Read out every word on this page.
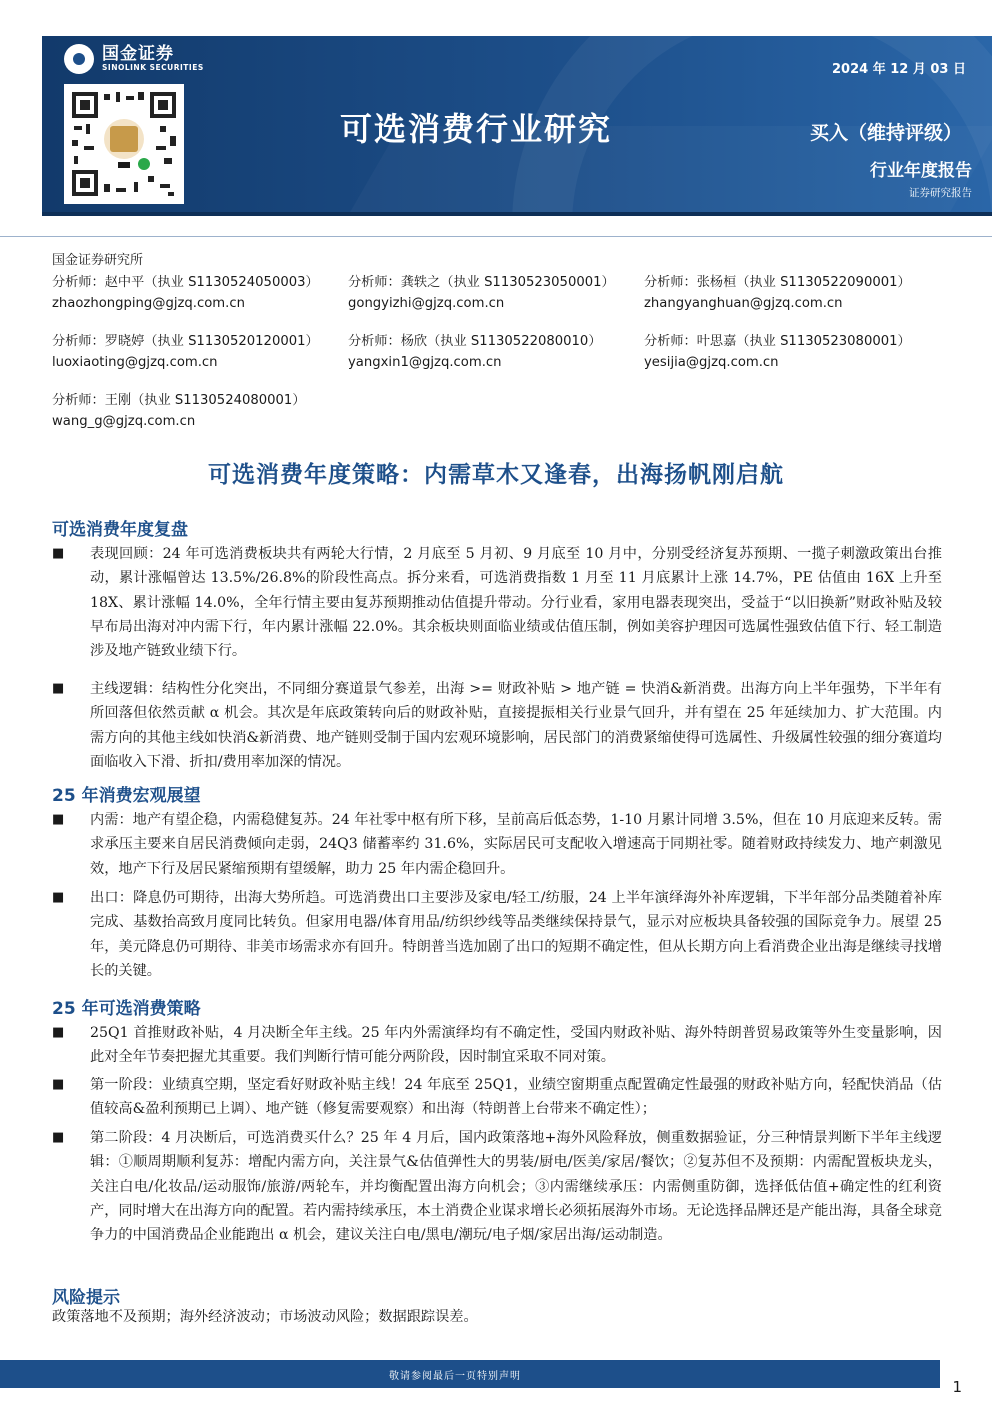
国金证券
SINOLINK SECURITIES	2024 年 12 月 03 日
可选消费行业研究	买入（维持评级）
行业年度报告
证券研究报告
国金证券研究所
分析师：赵中平（执业 S1130524050003）
zhaozhongping@gjzq.com.cn
分析师：龚轶之（执业 S1130523050001）
gongyizhi@gjzq.com.cn
分析师：张杨桓（执业 S1130522090001）
zhangyanghuan@gjzq.com.cn
分析师：罗晓婷（执业 S1130520120001）
luoxiaoting@gjzq.com.cn
分析师：杨欣（执业 S1130522080010）
yangxin1@gjzq.com.cn
分析师：叶思嘉（执业 S1130523080001）
yesijia@gjzq.com.cn
分析师：王刚（执业 S1130524080001）
wang_g@gjzq.com.cn
可选消费年度策略：内需草木又逢春，出海扬帆刚启航
可选消费年度复盘
■ 表现回顾：24 年可选消费板块共有两轮大行情，2 月底至 5 月初、9 月底至 10 月中，分别受经济复苏预期、一揽子刺激政策出台推动，累计涨幅曾达 13.5%/26.8%的阶段性高点。拆分来看，可选消费指数 1 月至 11 月底累计上涨 14.7%，PE 估值由 16X 上升至 18X、累计涨幅 14.0%，全年行情主要由复苏预期推动估值提升带动。分行业看，家用电器表现突出，受益于“以旧换新”财政补贴及较早布局出海对冲内需下行，年内累计涨幅 22.0%。其余板块则面临业绩或估值压制，例如美容护理因可选属性强致估值下行、轻工制造涉及地产链致业绩下行。
■ 主线逻辑：结构性分化突出，不同细分赛道景气参差，出海 >= 财政补贴 > 地产链 = 快消&新消费。出海方向上半年强势，下半年有所回落但依然贡献 α 机会。其次是年底政策转向后的财政补贴，直接提振相关行业景气回升，并有望在 25 年延续加力、扩大范围。内需方向的其他主线如快消&新消费、地产链则受制于国内宏观环境影响，居民部门的消费紧缩使得可选属性、升级属性较强的细分赛道均面临收入下滑、折扣/费用率加深的情况。
25 年消费宏观展望
■ 内需：地产有望企稳，内需稳健复苏。24 年社零中枢有所下移，呈前高后低态势，1-10 月累计同增 3.5%，但在 10 月底迎来反转。需求承压主要来自居民消费倾向走弱，24Q3 储蓄率约 31.6%，实际居民可支配收入增速高于同期社零。随着财政持续发力、地产刺激见效，地产下行及居民紧缩预期有望缓解，助力 25 年内需企稳回升。
■ 出口：降息仍可期待，出海大势所趋。可选消费出口主要涉及家电/轻工/纺服，24 上半年演绎海外补库逻辑，下半年部分品类随着补库完成、基数抬高致月度同比转负。但家用电器/体育用品/纺织纱线等品类继续保持景气，显示对应板块具备较强的国际竞争力。展望 25 年，美元降息仍可期待、非美市场需求亦有回升。特朗普当选加剧了出口的短期不确定性，但从长期方向上看消费企业出海是继续寻找增长的关键。
25 年可选消费策略
■ 25Q1 首推财政补贴，4 月决断全年主线。25 年内外需演绎均有不确定性，受国内财政补贴、海外特朗普贸易政策等外生变量影响，因此对全年节奏把握尤其重要。我们判断行情可能分两阶段，因时制宜采取不同对策。
■ 第一阶段：业绩真空期，坚定看好财政补贴主线！24 年底至 25Q1，业绩空窗期重点配置确定性最强的财政补贴方向，轻配快消品（估值较高&盈利预期已上调）、地产链（修复需要观察）和出海（特朗普上台带来不确定性）；
■ 第二阶段：4 月决断后，可选消费买什么？25 年 4 月后，国内政策落地+海外风险释放，侧重数据验证，分三种情景判断下半年主线逻辑：①顺周期顺利复苏：增配内需方向，关注景气&估值弹性大的男装/厨电/医美/家居/餐饮；②复苏但不及预期：内需配置板块龙头，关注白电/化妆品/运动服饰/旅游/两轮车，并均衡配置出海方向机会；③内需继续承压：内需侧重防御，选择低估值+确定性的红利资产，同时增大在出海方向的配置。若内需持续承压，本土消费企业谋求增长必须拓展海外市场。无论选择品牌还是产能出海，具备全球竞争力的中国消费品企业能跑出 α 机会，建议关注白电/黑电/潮玩/电子烟/家居出海/运动制造。
风险提示
政策落地不及预期；海外经济波动；市场波动风险；数据跟踪误差。
敬请参阅最后一页特别声明
1
